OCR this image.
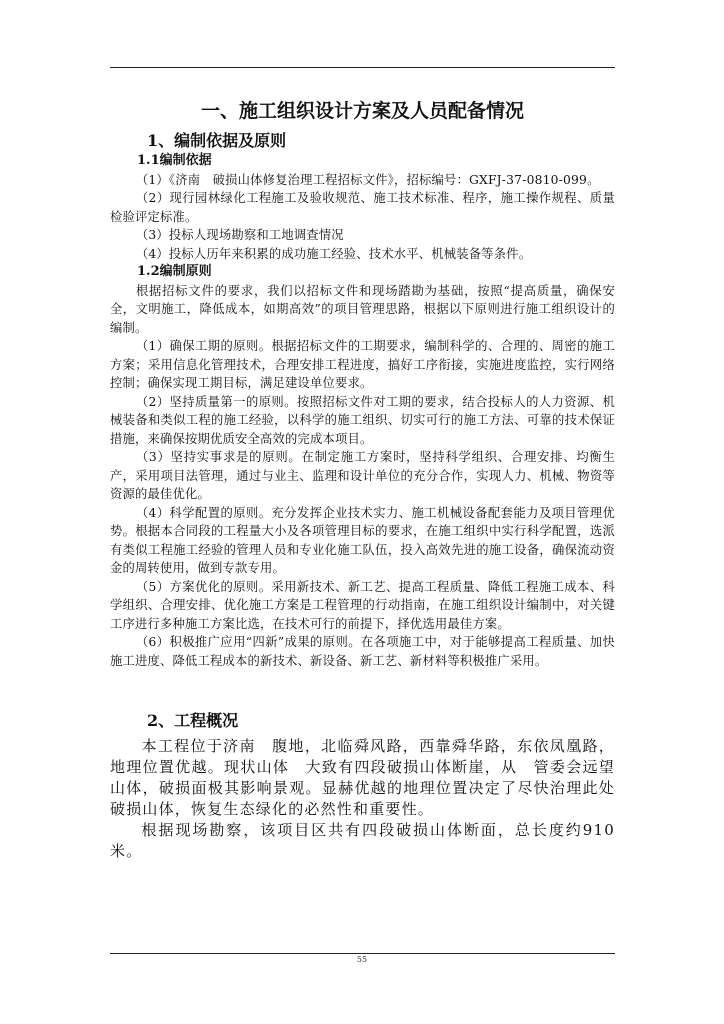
一、施工组织设计方案及人员配备情况
1、编制依据及原则
1.1编制依据

（1）《济南　破损山体修复治理工程招标文件》，招标编号：GXFJ-37-0810-099。

（2）现行园林绿化工程施工及验收规范、施工技术标准、程序，施工操作规程、质量检验评定标准。

（3）投标人现场勘察和工地调查情况

（4）投标人历年来积累的成功施工经验、技术水平、机械装备等条件。

1.2编制原则

根据招标文件的要求，我们以招标文件和现场踏勘为基础，按照“提高质量，确保安全，文明施工，降低成本，如期高效”的项目管理思路，根据以下原则进行施工组织设计的编制。

（1）确保工期的原则。根据招标文件的工期要求，编制科学的、合理的、周密的施工方案；采用信息化管理技术，合理安排工程进度，搞好工序衔接，实施进度监控，实行网络控制；确保实现工期目标，满足建设单位要求。

（2）坚持质量第一的原则。按照招标文件对工期的要求，结合投标人的人力资源、机械装备和类似工程的施工经验，以科学的施工组织、切实可行的施工方法、可靠的技术保证措施，来确保按期优质安全高效的完成本项目。

（3）坚持实事求是的原则。在制定施工方案时，坚持科学组织、合理安排、均衡生产，采用项目法管理，通过与业主、监理和设计单位的充分合作，实现人力、机械、物资等资源的最佳优化。

（4）科学配置的原则。充分发挥企业技术实力、施工机械设备配套能力及项目管理优势。根据本合同段的工程量大小及各项管理目标的要求，在施工组织中实行科学配置，选派有类似工程施工经验的管理人员和专业化施工队伍，投入高效先进的施工设备，确保流动资金的周转使用，做到专款专用。

（5）方案优化的原则。采用新技术、新工艺、提高工程质量、降低工程施工成本、科学组织、合理安排、优化施工方案是工程管理的行动指南，在施工组织设计编制中，对关键工序进行多种施工方案比选，在技术可行的前提下，择优选用最佳方案。

（6）积极推广应用“四新”成果的原则。在各项施工中，对于能够提高工程质量、加快施工进度、降低工程成本的新技术、新设备、新工艺、新材料等积极推广采用。

2、工程概况

本工程位于济南　腹地，北临舜风路，西靠舜华路，东依凤凰路，地理位置优越。现状山体　大致有四段破损山体断崖，从　管委会远望山体，破损面极其影响景观。显赫优越的地理位置决定了尽快治理此处破损山体，恢复生态绿化的必然性和重要性。

根据现场勘察，该项目区共有四段破损山体断面，总长度约910米。

55
